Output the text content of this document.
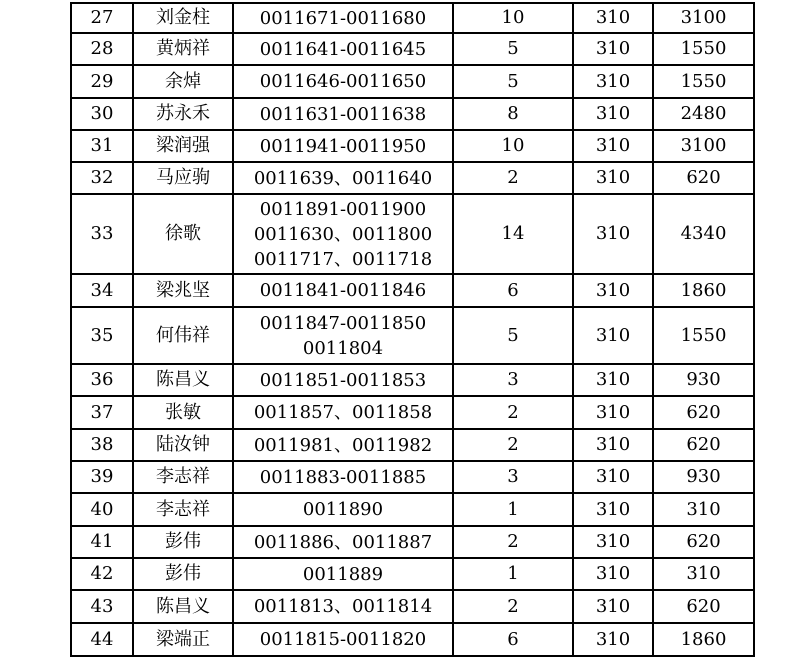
27	刘金柱	0011671-0011680	10	310	3100
28	黄炳祥	0011641-0011645	5	310	1550
29	余焯	0011646-0011650	5	310	1550
30	苏永禾	0011631-0011638	8	310	2480
31	梁润强	0011941-0011950	10	310	3100
32	马应驹	0011639、0011640	2	310	620
33	徐歌	0011891-0011900
0011630、0011800
0011717、0011718	14	310	4340
34	梁兆坚	0011841-0011846	6	310	1860
35	何伟祥	0011847-0011850
0011804	5	310	1550
36	陈昌义	0011851-0011853	3	310	930
37	张敏	0011857、0011858	2	310	620
38	陆汝钟	0011981、0011982	2	310	620
39	李志祥	0011883-0011885	3	310	930
40	李志祥	0011890	1	310	310
41	彭伟	0011886、0011887	2	310	620
42	彭伟	0011889	1	310	310
43	陈昌义	0011813、0011814	2	310	620
44	梁端正	0011815-0011820	6	310	1860
